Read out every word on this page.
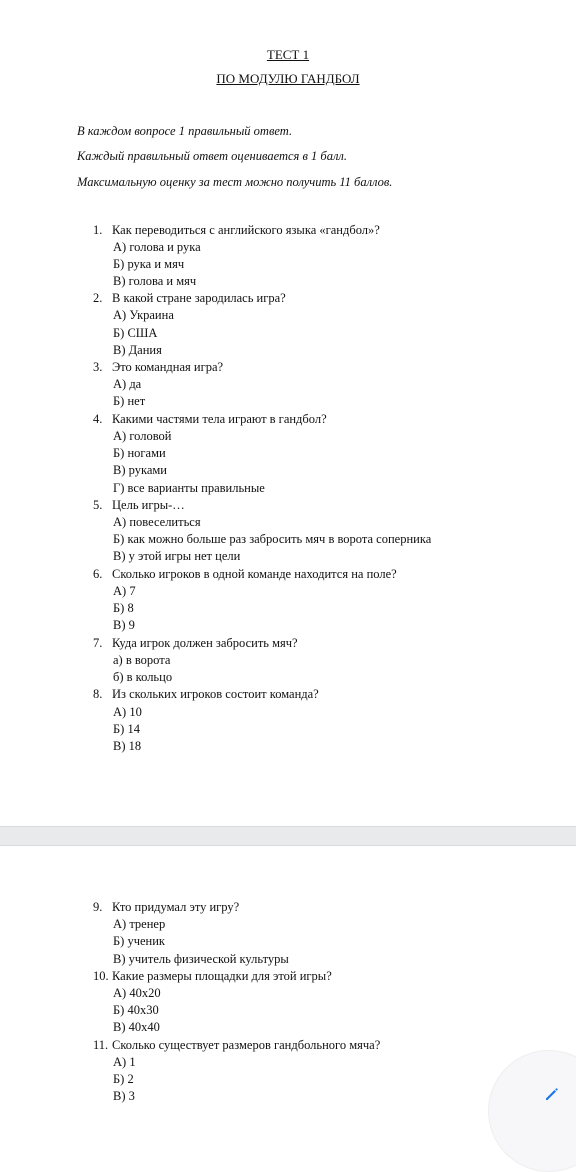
ТЕСТ 1
ПО МОДУЛЮ ГАНДБОЛ
В каждом вопросе 1 правильный ответ.
Каждый правильный ответ оценивается в 1 балл.
Максимальную оценку за тест можно получить 11 баллов.
1. Как переводиться с английского языка «гандбол»?
А) голова и рука
Б) рука и мяч
В) голова и мяч
2. В какой стране зародилась игра?
А) Украина
Б) США
В) Дания
3. Это командная игра?
А) да
Б) нет
4. Какими частями тела играют в гандбол?
А) головой
Б) ногами
В) руками
Г) все варианты правильные
5. Цель игры-…
А) повеселиться
Б) как можно больше раз забросить мяч в ворота соперника
В) у этой игры нет цели
6. Сколько игроков в одной команде находится на поле?
А) 7
Б) 8
В) 9
7. Куда игрок должен забросить мяч?
а) в ворота
б) в кольцо
8. Из скольких игроков состоит команда?
А) 10
Б) 14
В) 18
9. Кто придумал эту игру?
А) тренер
Б) ученик
В) учитель физической культуры
10. Какие размеры площадки для этой игры?
А) 40х20
Б) 40х30
В) 40х40
11. Сколько существует размеров гандбольного мяча?
А) 1
Б) 2
В) 3
